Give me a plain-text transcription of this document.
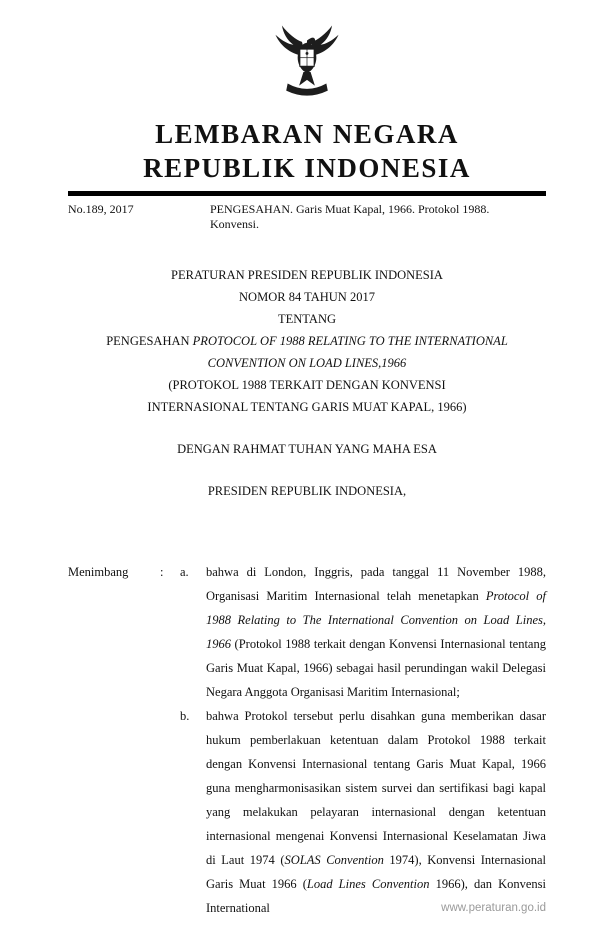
LEMBARAN NEGARA
REPUBLIK INDONESIA
No.189, 2017	PENGESAHAN. Garis Muat Kapal, 1966. Protokol 1988.
Konvensi.
PERATURAN PRESIDEN REPUBLIK INDONESIA
NOMOR 84 TAHUN 2017
TENTANG
PENGESAHAN PROTOCOL OF 1988 RELATING TO THE INTERNATIONAL
CONVENTION ON LOAD LINES,1966
(PROTOKOL 1988 TERKAIT DENGAN KONVENSI
INTERNASIONAL TENTANG GARIS MUAT KAPAL, 1966)
DENGAN RAHMAT TUHAN YANG MAHA ESA
PRESIDEN REPUBLIK INDONESIA,
Menimbang	:	a.	bahwa di London, Inggris, pada tanggal 11 November 1988, Organisasi Maritim Internasional telah menetapkan Protocol of 1988 Relating to The International Convention on Load Lines, 1966 (Protokol 1988 terkait dengan Konvensi Internasional tentang Garis Muat Kapal, 1966) sebagai hasil perundingan wakil Delegasi Negara Anggota Organisasi Maritim Internasional;
b.	bahwa Protokol tersebut perlu disahkan guna memberikan dasar hukum pemberlakuan ketentuan dalam Protokol 1988 terkait dengan Konvensi Internasional tentang Garis Muat Kapal, 1966 guna mengharmonisasikan sistem survei dan sertifikasi bagi kapal yang melakukan pelayaran internasional dengan ketentuan internasional mengenai Konvensi Internasional Keselamatan Jiwa di Laut 1974 (SOLAS Convention 1974), Konvensi Internasional Garis Muat 1966 (Load Lines Convention 1966), dan Konvensi International	www.peraturan.go.id
